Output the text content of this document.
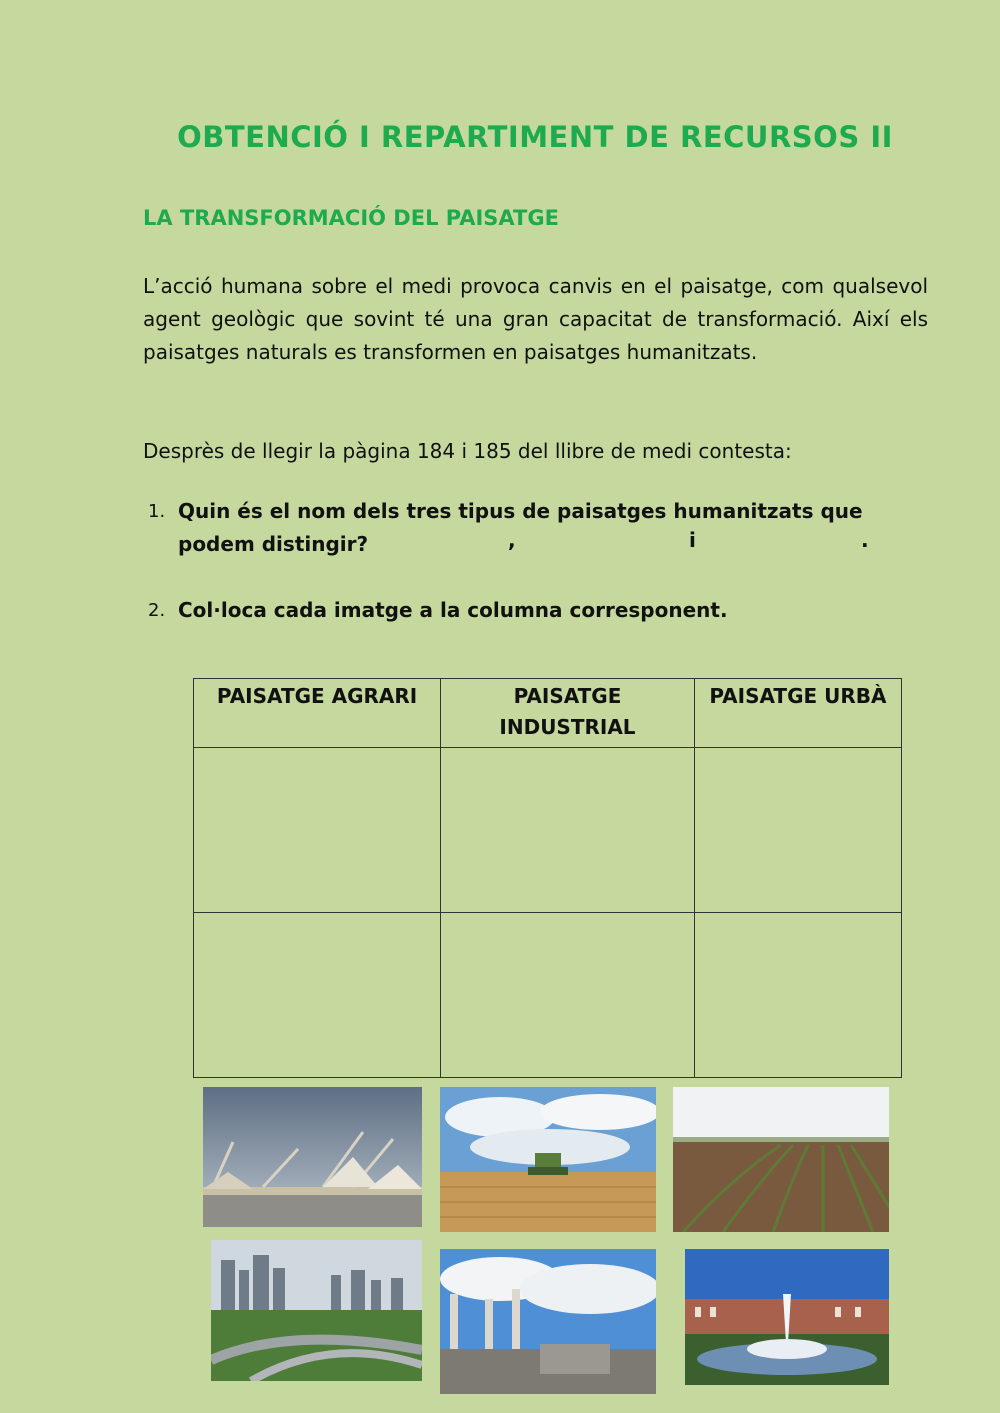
OBTENCIÓ I REPARTIMENT DE RECURSOS II
LA TRANSFORMACIÓ DEL PAISATGE
L’acció humana sobre el medi provoca canvis en el paisatge, com qualsevol agent geològic que sovint té una gran capacitat de transformació. Així els paisatges naturals es transformen en paisatges humanitzats.
Desprès de llegir la pàgina 184 i 185 del llibre de medi contesta:
1. Quin és el nom dels tres tipus de paisatges humanitzats que podem distingir?	,	i	.
2. Col·loca cada imatge a la columna corresponent.
PAISATGE AGRARI	PAISATGE INDUSTRIAL	PAISATGE URBÀ
